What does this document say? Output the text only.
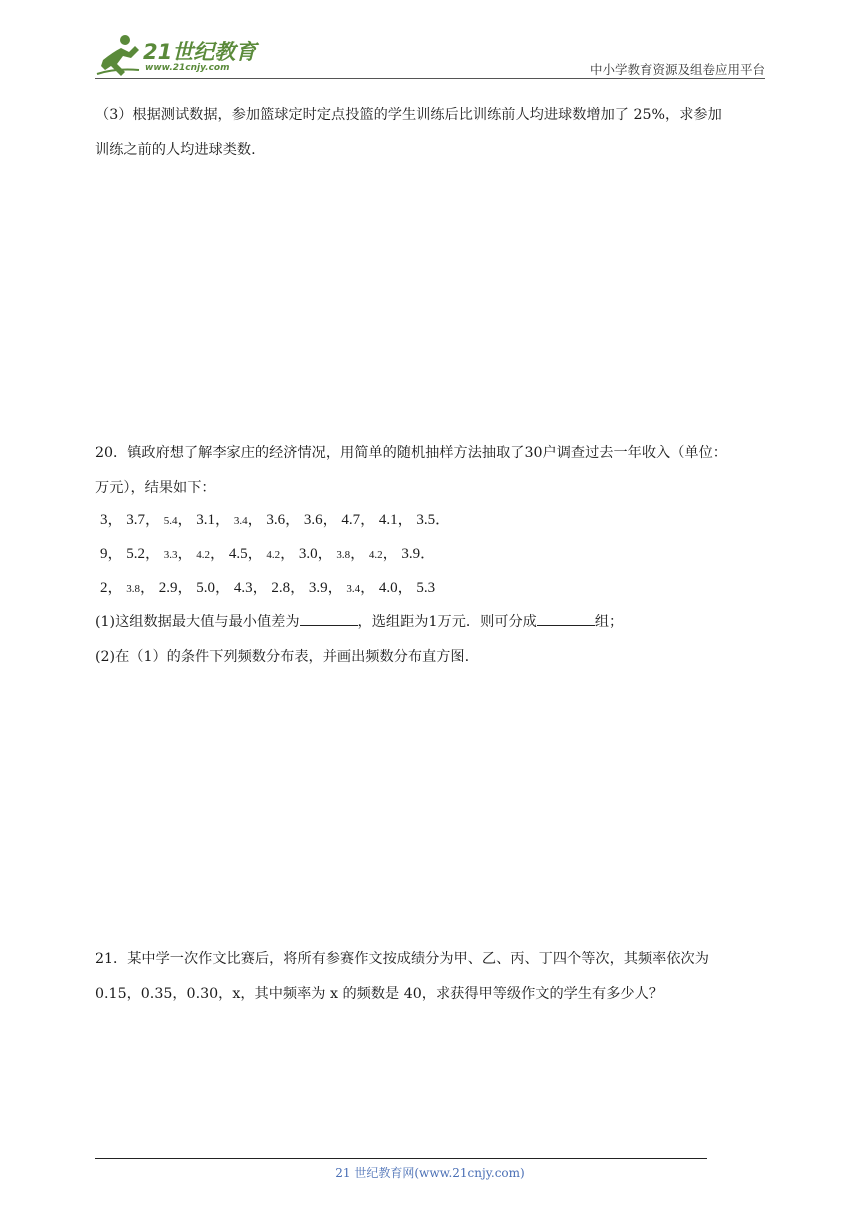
21世纪教育
www.21cnjy.com	中小学教育资源及组卷应用平台
（3）根据测试数据，参加篮球定时定点投篮的学生训练后比训练前人均进球数增加了 25%，求参加
训练之前的人均进球类数.
20．镇政府想了解李家庄的经济情况，用简单的随机抽样方法抽取了30户调查过去一年收入（单位：
万元），结果如下：
3， 3.7， 5.4， 3.1， 3.4， 3.6， 3.6， 4.7， 4.1， 3.5．
9， 5.2， 3.3， 4.2， 4.5， 4.2， 3.0， 3.8， 4.2， 3.9．
2， 3.8， 2.9， 5.0， 4.3， 2.8， 3.9， 3.4， 4.0， 5.3
(1)这组数据最大值与最小值差为	，选组距为1万元．则可分成	组；
(2)在（1）的条件下列频数分布表，并画出频数分布直方图.
21．某中学一次作文比赛后，将所有参赛作文按成绩分为甲、乙、丙、丁四个等次，其频率依次为
0.15，0.35，0.30，x，其中频率为 x 的频数是 40，求获得甲等级作文的学生有多少人？
21 世纪教育网(www.21cnjy.com)
